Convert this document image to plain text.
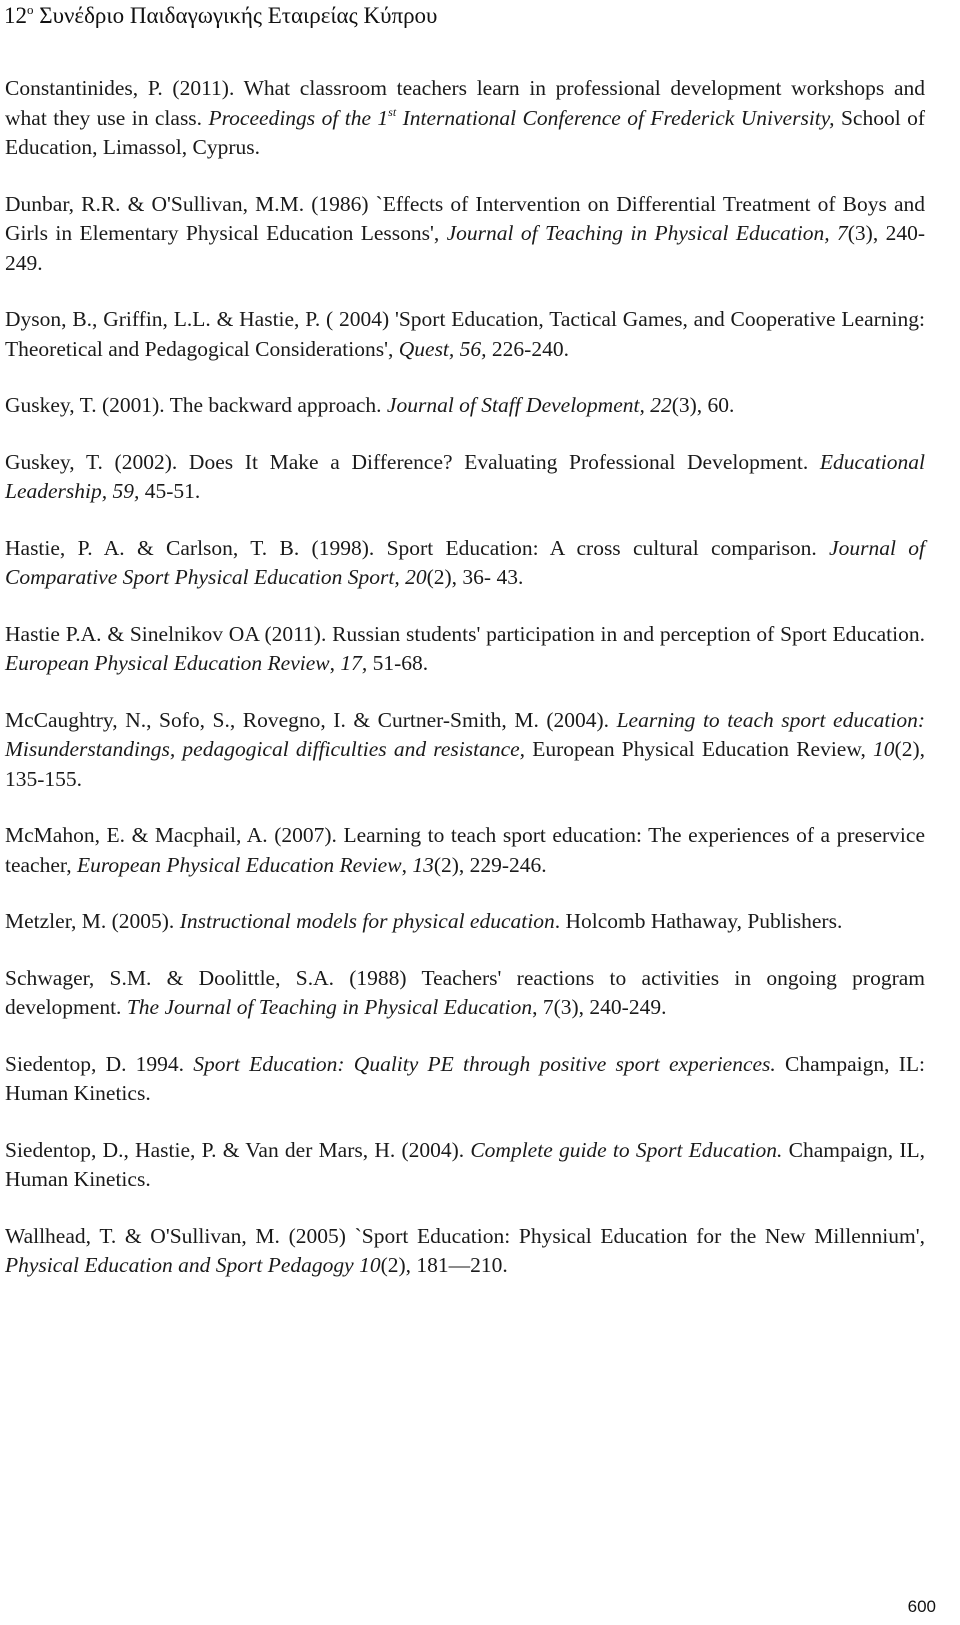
$12^o$ Συνέδριο Παιδαγωγικής Εταιρείας Κύπρου

Constantinides, P. (2011). What classroom teachers learn in professional development workshops and what they use in class. Proceedings of the 1st International Conference of Frederick University, School of Education, Limassol, Cyprus.

Dunbar, R.R. & O'Sullivan, M.M. (1986) `Effects of Intervention on Differential Treatment of Boys and Girls in Elementary Physical Education Lessons', Journal of Teaching in Physical Education, 7(3), 240-249.

Dyson, B., Griffin, L.L. & Hastie, P. ( 2004) 'Sport Education, Tactical Games, and Cooperative Learning: Theoretical and Pedagogical Considerations', Quest, 56, 226-240.

Guskey, T. (2001). The backward approach. Journal of Staff Development, 22(3), 60.

Guskey, T. (2002). Does It Make a Difference? Evaluating Professional Development. Educational Leadership, 59, 45-51.

Hastie, P. A. & Carlson, T. B. (1998). Sport Education: A cross cultural comparison. Journal of Comparative Sport Physical Education Sport, 20(2), 36- 43.

Hastie P.A. & Sinelnikov OA (2011). Russian students' participation in and perception of Sport Education. European Physical Education Review, 17, 51-68.

McCaughtry, N., Sofo, S., Rovegno, I. & Curtner-Smith, M. (2004). Learning to teach sport education: Misunderstandings, pedagogical difficulties and resistance, European Physical Education Review, 10(2), 135-155.

McMahon, E. & Macphail, A. (2007). Learning to teach sport education: The experiences of a preservice teacher, European Physical Education Review, 13(2), 229-246.

Metzler, M. (2005). Instructional models for physical education. Holcomb Hathaway, Publishers.

Schwager, S.M. & Doolittle, S.A. (1988) Teachers' reactions to activities in ongoing program development. The Journal of Teaching in Physical Education, 7(3), 240-249.

Siedentop, D. 1994. Sport Education: Quality PE through positive sport experiences. Champaign, IL: Human Kinetics.

Siedentop, D., Hastie, P. & Van der Mars, H. (2004). Complete guide to Sport Education. Champaign, IL, Human Kinetics.

Wallhead, T. & O'Sullivan, M. (2005) `Sport Education: Physical Education for the New Millennium', Physical Education and Sport Pedagogy 10(2), 181—210.

600
